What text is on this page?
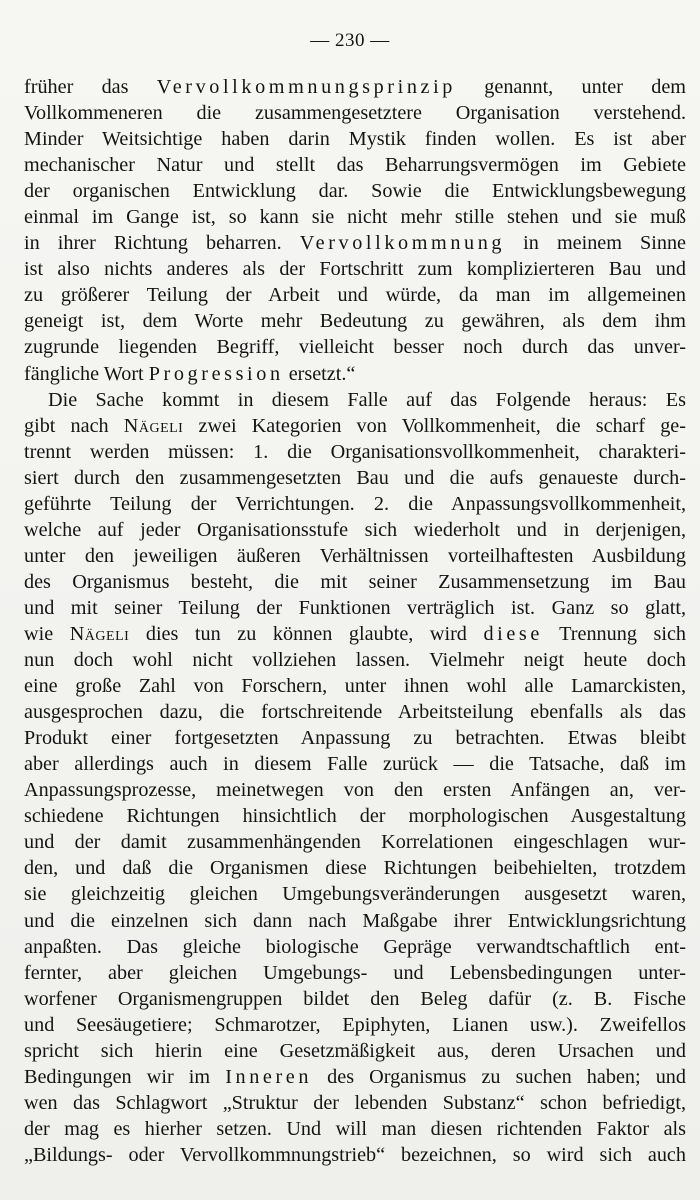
— 230 —
früher das Vervollkommnungsprinzip genannt, unter dem
Vollkommeneren die zusammengesetztere Organisation verstehend.
Minder Weitsichtige haben darin Mystik finden wollen. Es ist aber
mechanischer Natur und stellt das Beharrungsvermögen im Gebiete
der organischen Entwicklung dar. Sowie die Entwicklungsbewegung
einmal im Gange ist, so kann sie nicht mehr stille stehen und sie muß
in ihrer Richtung beharren. Vervollkommnung in meinem Sinne
ist also nichts anderes als der Fortschritt zum komplizierteren Bau und
zu größerer Teilung der Arbeit und würde, da man im allgemeinen
geneigt ist, dem Worte mehr Bedeutung zu gewähren, als dem ihm
zugrunde liegenden Begriff, vielleicht besser noch durch das unver-
fängliche Wort Progression ersetzt.“
Die Sache kommt in diesem Falle auf das Folgende heraus: Es
gibt nach Nägeli zwei Kategorien von Vollkommenheit, die scharf ge-
trennt werden müssen: 1. die Organisationsvollkommenheit, charakteri-
siert durch den zusammengesetzten Bau und die aufs genaueste durch-
geführte Teilung der Verrichtungen. 2. die Anpassungsvollkommenheit,
welche auf jeder Organisationsstufe sich wiederholt und in derjenigen,
unter den jeweiligen äußeren Verhältnissen vorteilhaftesten Ausbildung
des Organismus besteht, die mit seiner Zusammensetzung im Bau
und mit seiner Teilung der Funktionen verträglich ist. Ganz so glatt,
wie Nägeli dies tun zu können glaubte, wird diese Trennung sich
nun doch wohl nicht vollziehen lassen. Vielmehr neigt heute doch
eine große Zahl von Forschern, unter ihnen wohl alle Lamarckisten,
ausgesprochen dazu, die fortschreitende Arbeitsteilung ebenfalls als das
Produkt einer fortgesetzten Anpassung zu betrachten. Etwas bleibt
aber allerdings auch in diesem Falle zurück — die Tatsache, daß im
Anpassungsprozesse, meinetwegen von den ersten Anfängen an, ver-
schiedene Richtungen hinsichtlich der morphologischen Ausgestaltung
und der damit zusammenhängenden Korrelationen eingeschlagen wur-
den, und daß die Organismen diese Richtungen beibehielten, trotzdem
sie gleichzeitig gleichen Umgebungsveränderungen ausgesetzt waren,
und die einzelnen sich dann nach Maßgabe ihrer Entwicklungsrichtung
anpaßten. Das gleiche biologische Gepräge verwandtschaftlich ent-
fernter, aber gleichen Umgebungs- und Lebensbedingungen unter-
worfener Organismengruppen bildet den Beleg dafür (z. B. Fische
und Seesäugetiere; Schmarotzer, Epiphyten, Lianen usw.). Zweifellos
spricht sich hierin eine Gesetzmäßigkeit aus, deren Ursachen und
Bedingungen wir im Inneren des Organismus zu suchen haben; und
wen das Schlagwort „Struktur der lebenden Substanz“ schon befriedigt,
der mag es hierher setzen. Und will man diesen richtenden Faktor als
„Bildungs- oder Vervollkommnungstrieb“ bezeichnen, so wird sich auch
